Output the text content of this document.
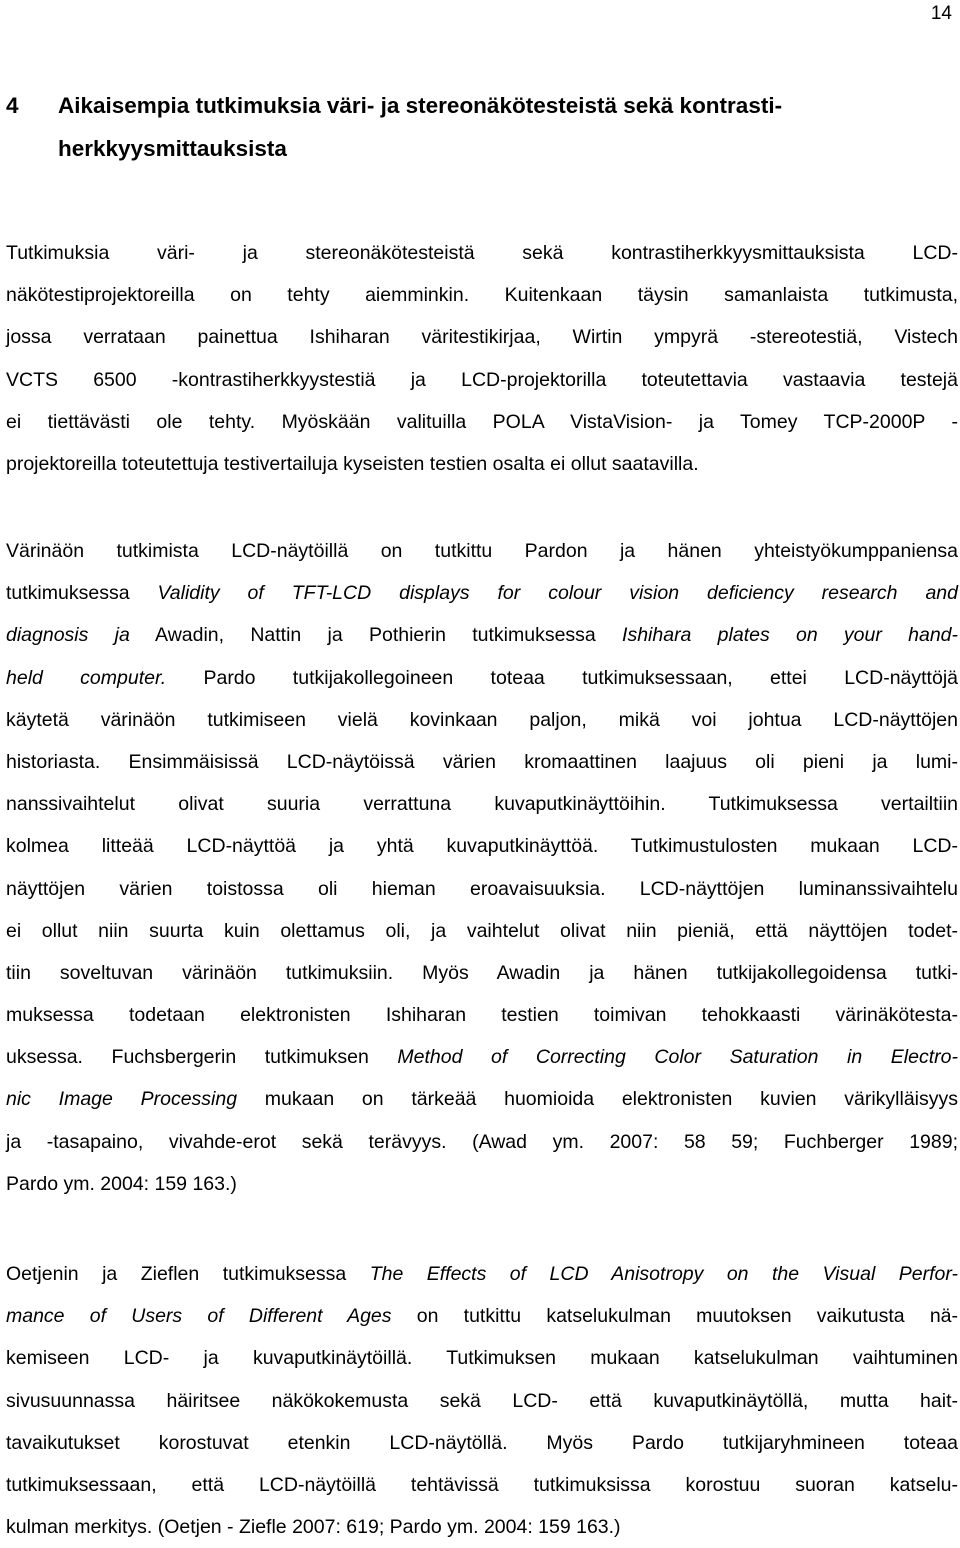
14
4 Aikaisempia tutkimuksia väri- ja stereonäkötesteistä sekä kontrasti-
herkkyysmittauksista
Tutkimuksia väri- ja stereonäkötesteistä sekä kontrastiherkkyysmittauksista LCD-
näkötestiprojektoreilla on tehty aiemminkin. Kuitenkaan täysin samanlaista tutkimusta,
jossa verrataan painettua Ishiharan väritestikirjaa, Wirtin ympyrä -stereotestiä, Vistech
VCTS 6500 -kontrastiherkkyystestiä ja LCD-projektorilla toteutettavia vastaavia testejä
ei tiettävästi ole tehty. Myöskään valituilla POLA VistaVision- ja Tomey TCP-2000P -
projektoreilla toteutettuja testivertailuja kyseisten testien osalta ei ollut saatavilla.
Värinäön tutkimista LCD-näytöillä on tutkittu Pardon ja hänen yhteistyökumppaniensa
tutkimuksessa Validity of TFT-LCD displays for colour vision deficiency research and
diagnosis ja Awadin, Nattin ja Pothierin tutkimuksessa Ishihara plates on your hand-
held computer. Pardo tutkijakollegoineen toteaa tutkimuksessaan, ettei LCD-näyttöjä
käytetä värinäön tutkimiseen vielä kovinkaan paljon, mikä voi johtua LCD-näyttöjen
historiasta. Ensimmäisissä LCD-näytöissä värien kromaattinen laajuus oli pieni ja lumi-
nanssivaihtelut olivat suuria verrattuna kuvaputkinäyttöihin. Tutkimuksessa vertailtiin
kolmea litteää LCD-näyttöä ja yhtä kuvaputkinäyttöä. Tutkimustulosten mukaan LCD-
näyttöjen värien toistossa oli hieman eroavaisuuksia. LCD-näyttöjen luminanssivaihtelu
ei ollut niin suurta kuin olettamus oli, ja vaihtelut olivat niin pieniä, että näyttöjen todet-
tiin soveltuvan värinäön tutkimuksiin. Myös Awadin ja hänen tutkijakollegoidensa tutki-
muksessa todetaan elektronisten Ishiharan testien toimivan tehokkaasti värinäkötesta-
uksessa. Fuchsbergerin tutkimuksen Method of Correcting Color Saturation in Electro-
nic Image Processing mukaan on tärkeää huomioida elektronisten kuvien värikylläisyys
ja -tasapaino, vivahde-erot sekä terävyys. (Awad ym. 2007: 58 59; Fuchberger 1989;
Pardo ym. 2004: 159 163.)
Oetjenin ja Zieflen tutkimuksessa The Effects of LCD Anisotropy on the Visual Perfor-
mance of Users of Different Ages on tutkittu katselukulman muutoksen vaikutusta nä-
kemiseen LCD- ja kuvaputkinäytöillä. Tutkimuksen mukaan katselukulman vaihtuminen
sivusuunnassa häiritsee näkökokemusta sekä LCD- että kuvaputkinäytöllä, mutta hait-
tavaikutukset korostuvat etenkin LCD-näytöllä. Myös Pardo tutkijaryhmineen toteaa
tutkimuksessaan, että LCD-näytöillä tehtävissä tutkimuksissa korostuu suoran katselu-
kulman merkitys. (Oetjen - Ziefle 2007: 619; Pardo ym. 2004: 159 163.)
